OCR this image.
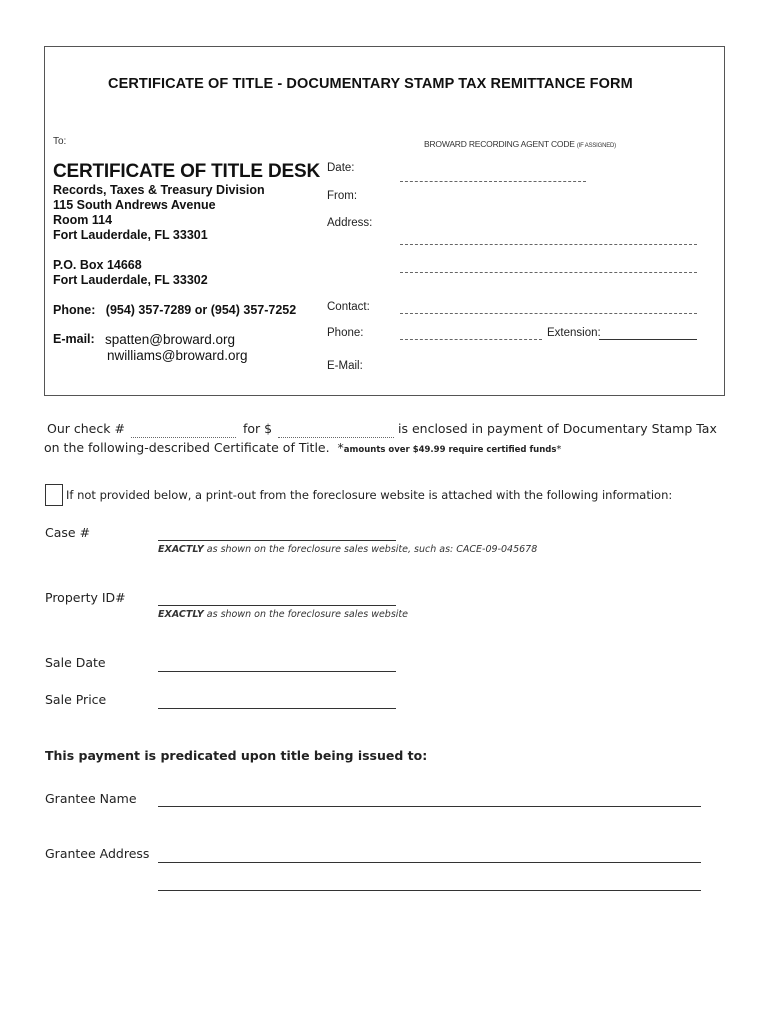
CERTIFICATE OF TITLE - DOCUMENTARY STAMP TAX REMITTANCE FORM
To:	BROWARD RECORDING AGENT CODE (IF ASSIGNED)
CERTIFICATE OF TITLE DESK
Records, Taxes & Treasury Division
115 South Andrews Avenue
Room 114
Fort Lauderdale, FL 33301
P.O. Box 14668
Fort Lauderdale, FL 33302
Phone: (954) 357-7289 or (954) 357-7252
E-mail: spatten@broward.org
nwilliams@broward.org
Date:
From:
Address:
Contact:
Phone:	Extension:
E-Mail:
Our check #	for $	is enclosed in payment of Documentary Stamp Tax
on the following-described Certificate of Title. *amounts over $49.99 require certified funds*
If not provided below, a print-out from the foreclosure website is attached with the following information:
Case #
EXACTLY as shown on the foreclosure sales website, such as: CACE-09-045678
Property ID#
EXACTLY as shown on the foreclosure sales website
Sale Date
Sale Price
This payment is predicated upon title being issued to:
Grantee Name
Grantee Address
